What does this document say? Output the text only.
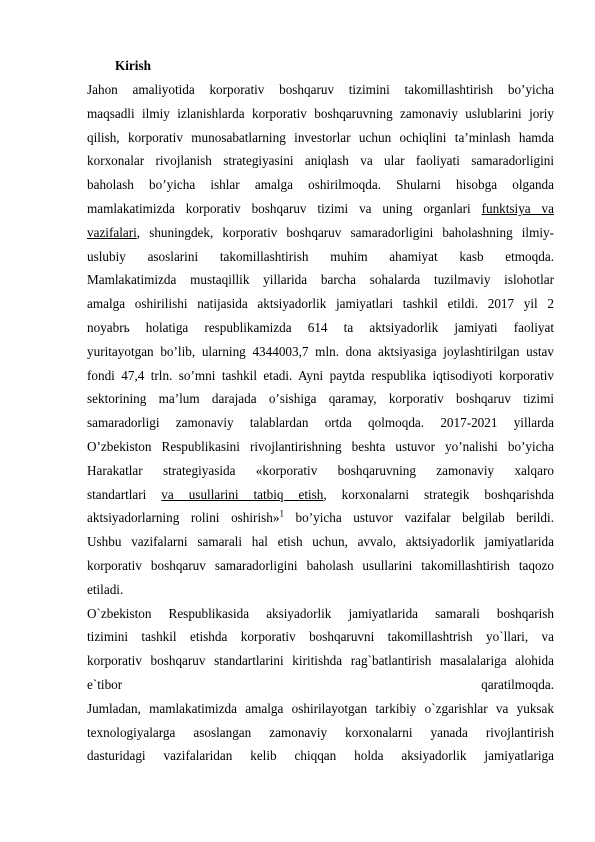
Kirish
Jahon amaliyotida korporativ boshqaruv tizimini takomillashtirish boʼyicha
maqsadli ilmiy izlanishlarda korporativ boshqaruvning zamonaviy uslublarini joriy
qilish, korporativ munosabatlarning investorlar uchun ochiqlini taʼminlash hamda
korxonalar rivojlanish strategiyasini aniqlash va ular faoliyati samaradorligini
baholash boʼyicha ishlar amalga oshirilmoqda. Shularni hisobga olganda
mamlakatimizda korporativ boshqaruv tizimi va uning organlari funktsiya va
vazifalari, shuningdek, korporativ boshqaruv samaradorligini baholashning ilmiy-
uslubiy asoslarini takomillashtirish muhim ahamiyat kasb etmoqda.
Mamlakatimizda mustaqillik yillarida barcha sohalarda tuzilmaviy islohotlar
amalga oshirilishi natijasida aktsiyadorlik jamiyatlari tashkil etildi. 2017 yil 2
noyabrь holatiga respublikamizda 614 ta aktsiyadorlik jamiyati faoliyat
yuritayotgan boʼlib, ularning 4344003,7 mln. dona aktsiyasiga joylashtirilgan ustav
fondi 47,4 trln. soʼmni tashkil etadi. Ayni paytda respublika iqtisodiyoti korporativ
sektorining maʼlum darajada oʼsishiga qaramay, korporativ boshqaruv tizimi
samaradorligi zamonaviy talablardan ortda qolmoqda. 2017-2021 yillarda
Oʼzbekiston Respublikasini rivojlantirishning beshta ustuvor yoʼnalishi boʼyicha
Harakatlar strategiyasida «korporativ boshqaruvning zamonaviy xalqaro
standartlari va usullarini tatbiq etish, korxonalarni strategik boshqarishda
aktsiyadorlarning rolini oshirish»$^1$ boʼyicha ustuvor vazifalar belgilab berildi.
Ushbu vazifalarni samarali hal etish uchun, avvalo, aktsiyadorlik jamiyatlarida
korporativ boshqaruv samaradorligini baholash usullarini takomillashtirish taqozo
etiladi.
O`zbekiston Respublikasida aksiyadorlik jamiyatlarida samarali boshqarish
tizimini tashkil etishda korporativ boshqaruvni takomillashtrish yo`llari, va
korporativ boshqaruv standartlarini kiritishda rag`batlantirish masalalariga alohida
e`tibor	qaratilmoqda.
Jumladan, mamlakatimizda amalga oshirilayotgan tarkibiy o`zgarishlar va yuksak
texnologiyalarga asoslangan zamonaviy korxonalarni yanada rivojlantirish
dasturidagi vazifalaridan kelib chiqqan holda aksiyadorlik jamiyatlariga
